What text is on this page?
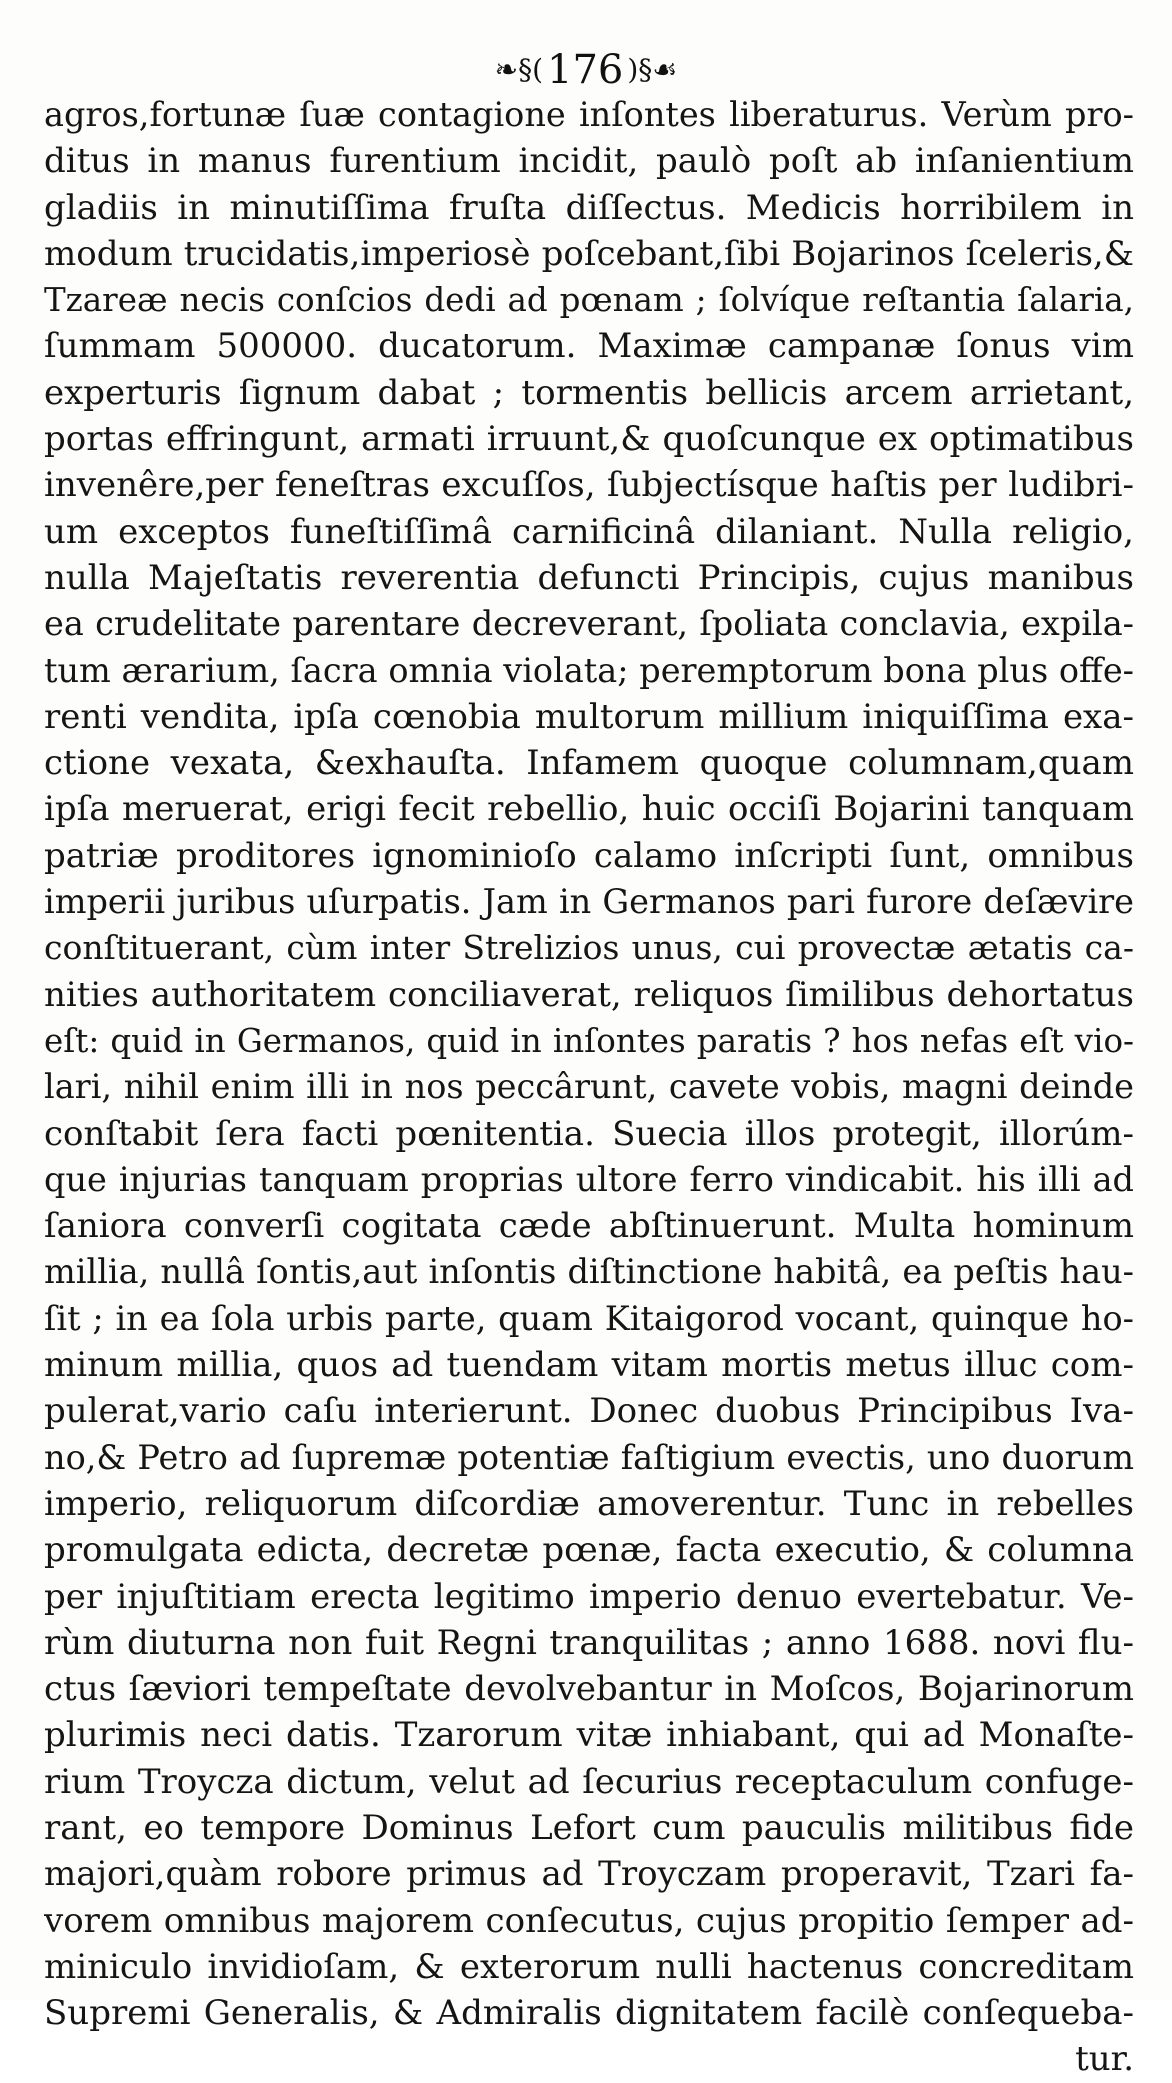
❧§( 176 )§☙
agros,fortunæ ſuæ contagione inſontes liberaturus. Verùm pro-
ditus in manus furentium incidit, paulò poſt ab inſanientium
gladiis in minutiſſima fruſta diſſectus. Medicis horribilem in
modum trucidatis,imperiosè poſcebant,ſibi Bojarinos ſceleris,&
Tzareæ necis conſcios dedi ad pœnam ; ſolvíque reſtantia ſalaria,
ſummam 500000. ducatorum. Maximæ campanæ ſonus vim
experturis ſignum dabat ; tormentis bellicis arcem arrietant,
portas effringunt, armati irruunt,& quoſcunque ex optimatibus
invenêre,per feneſtras excuſſos, ſubjectísque haſtis per ludibri-
um exceptos funeſtiſſimâ carnificinâ dilaniant. Nulla religio,
nulla Majeſtatis reverentia defuncti Principis, cujus manibus
ea crudelitate parentare decreverant, ſpoliata conclavia, expila-
tum ærarium, ſacra omnia violata; peremptorum bona plus offe-
renti vendita, ipſa cœnobia multorum millium iniquiſſima exa-
ctione vexata, &exhauſta. Infamem quoque columnam,quam
ipſa meruerat, erigi fecit rebellio, huic occiſi Bojarini tanquam
patriæ proditores ignominioſo calamo inſcripti ſunt, omnibus
imperii juribus uſurpatis. Jam in Germanos pari furore deſævire
conſtituerant, cùm inter Strelizios unus, cui provectæ ætatis ca-
nities authoritatem conciliaverat, reliquos ſimilibus dehortatus
eſt: quid in Germanos, quid in inſontes paratis ? hos nefas eſt vio-
lari, nihil enim illi in nos peccârunt, cavete vobis, magni deinde
conſtabit ſera facti pœnitentia. Suecia illos protegit, illorúm-
que injurias tanquam proprias ultore ferro vindicabit. his illi ad
ſaniora converſi cogitata cæde abſtinuerunt. Multa hominum
millia, nullâ ſontis,aut inſontis diſtinctione habitâ, ea peſtis hau-
ſit ; in ea ſola urbis parte, quam Kitaigorod vocant, quinque ho-
minum millia, quos ad tuendam vitam mortis metus illuc com-
pulerat,vario caſu interierunt. Donec duobus Principibus Iva-
no,& Petro ad ſupremæ potentiæ faſtigium evectis, uno duorum
imperio, reliquorum diſcordiæ amoverentur. Tunc in rebelles
promulgata edicta, decretæ pœnæ, facta executio, & columna
per injuſtitiam erecta legitimo imperio denuo evertebatur. Ve-
rùm diuturna non fuit Regni tranquilitas ; anno 1688. novi flu-
ctus ſæviori tempeſtate devolvebantur in Moſcos, Bojarinorum
plurimis neci datis. Tzarorum vitæ inhiabant, qui ad Monaſte-
rium Troycza dictum, velut ad ſecurius receptaculum confuge-
rant, eo tempore Dominus Lefort cum pauculis militibus fide
majori,quàm robore primus ad Troyczam properavit, Tzari fa-
vorem omnibus majorem conſecutus, cujus propitio ſemper ad-
miniculo invidioſam, & exterorum nulli hactenus concreditam
Supremi Generalis, & Admiralis dignitatem facilè conſequeba-
tur.
